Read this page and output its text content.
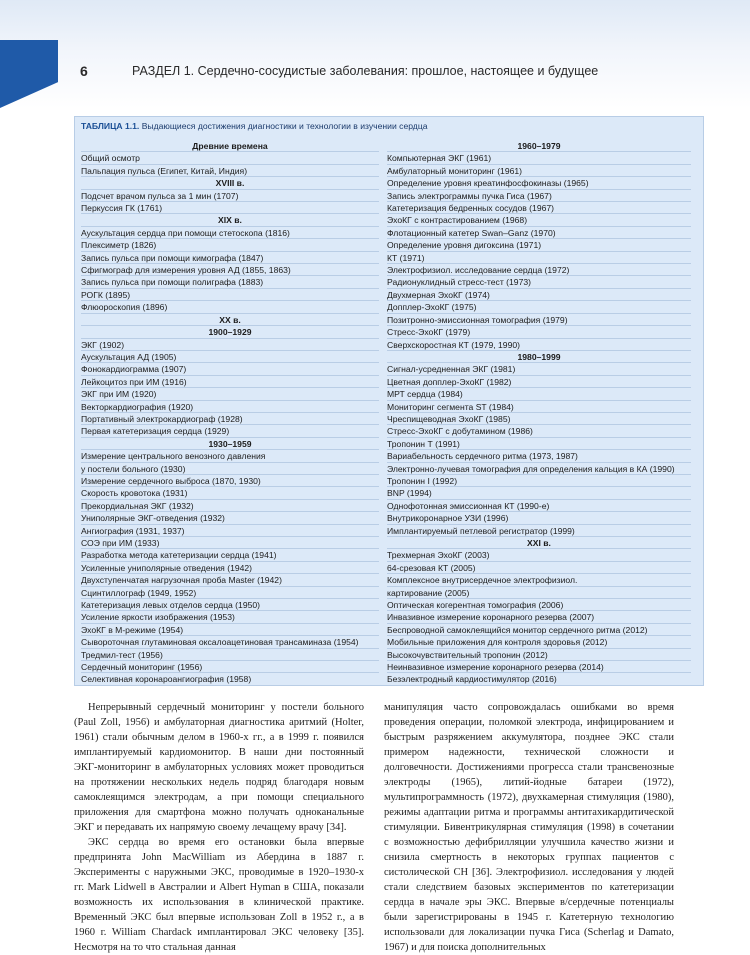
6	РАЗДЕЛ 1. Сердечно-сосудистые заболевания: прошлое, настоящее и будущее
ТАБЛИЦА 1.1. Выдающиеся достижения диагностики и технологии в изучении сердца
Древние времена
Общий осмотр
Пальпация пульса (Египет, Китай, Индия)
XVIII в.
Подсчет врачом пульса за 1 мин (1707)
Перкуссия ГК (1761)
XIX в.
Аускультация сердца при помощи стетоскопа (1816)
Плексиметр (1826)
Запись пульса при помощи кимографа (1847)
Сфигмограф для измерения уровня АД (1855, 1863)
Запись пульса при помощи полиграфа (1883)
РОГК (1895)
Флюороскопия (1896)
XX в.
1900–1929
ЭКГ (1902)
Аускультация АД (1905)
Фонокардиограмма (1907)
Лейкоцитоз при ИМ (1916)
ЭКГ при ИМ (1920)
Векторкардиография (1920)
Портативный электрокардиограф (1928)
Первая катетеризация сердца (1929)
1930–1959
Измерение центрального венозного давления
у постели больного (1930)
Измерение сердечного выброса (1870, 1930)
Скорость кровотока (1931)
Прекордиальная ЭКГ (1932)
Униполярные ЭКГ-отведения (1932)
Ангиография (1931, 1937)
СОЭ при ИМ (1933)
Разработка метода катетеризации сердца (1941)
Усиленные униполярные отведения (1942)
Двухступенчатая нагрузочная проба Master (1942)
Сцинтиллограф (1949, 1952)
Катетеризация левых отделов сердца (1950)
Усиление яркости изображения (1953)
ЭхоКГ в М-режиме (1954)
Сывороточная глутаминовая оксалоацетиновая трансаминаза (1954)
Тредмил-тест (1956)
Сердечный мониторинг (1956)
Селективная коронароангиография (1958)
1960–1979
Компьютерная ЭКГ (1961)
Амбулаторный мониторинг (1961)
Определение уровня креатинфосфокиназы (1965)
Запись электрограммы пучка Гиса (1967)
Катетеризация бедренных сосудов (1967)
ЭхоКГ с контрастированием (1968)
Флотационный катетер Swan–Ganz (1970)
Определение уровня дигоксина (1971)
КТ (1971)
Электрофизиол. исследование сердца (1972)
Радионуклидный стресс-тест (1973)
Двухмерная ЭхоКГ (1974)
Допплер-ЭхоКГ (1975)
Позитронно-эмиссионная томография (1979)
Стресс-ЭхоКГ (1979)
Сверхскоростная КТ (1979, 1990)
1980–1999
Сигнал-усредненная ЭКГ (1981)
Цветная допплер-ЭхоКГ (1982)
МРТ сердца (1984)
Мониторинг сегмента ST (1984)
Чреспищеводная ЭхоКГ (1985)
Стресс-ЭхоКГ с добутамином (1986)
Тропонин Т (1991)
Вариабельность сердечного ритма (1973, 1987)
Электронно-лучевая томография для определения кальция в КА (1990)
Тропонин I (1992)
BNP (1994)
Однофотонная эмиссионная КТ (1990-е)
Внутрикоронарное УЗИ (1996)
Имплантируемый петлевой регистратор (1999)
XXI в.
Трехмерная ЭхоКГ (2003)
64-срезовая КТ (2005)
Комплексное внутрисердечное электрофизиол.
картирование (2005)
Оптическая когерентная томография (2006)
Инвазивное измерение коронарного резерва (2007)
Беспроводной самоклеящийся монитор сердечного ритма (2012)
Мобильные приложения для контроля здоровья (2012)
Высокочувствительный тропонин (2012)
Неинвазивное измерение коронарного резерва (2014)
Безэлектродный кардиостимулятор (2016)

Непрерывный сердечный мониторинг у постели больного (Paul Zoll, 1956) и амбулаторная диагностика аритмий (Holter, 1961) стали обычным делом в 1960-х гг., а в 1999 г. появился имплантируемый кардиомонитор. В наши дни постоянный ЭКГ-мониторинг в амбулаторных условиях может проводиться на протяжении нескольких недель подряд благодаря новым самоклеящимся электродам, а при помощи специального приложения для смартфона можно получать одноканальные ЭКГ и передавать их напрямую своему лечащему врачу [34].

ЭКС сердца во время его остановки была впервые предпринята John MacWilliam из Абердина в 1887 г. Эксперименты с наружными ЭКС, проводимые в 1920–1930-х гг. Mark Lidwell в Австралии и Albert Hyman в США, показали возможность их использования в клинической практике. Временный ЭКС был впервые использован Zoll в 1952 г., а в 1960 г. William Chardack имплантировал ЭКС человеку [35]. Несмотря на то что стальная данная

манипуляция часто сопровождалась ошибками во время проведения операции, поломкой электрода, инфицированием и быстрым разряжением аккумулятора, позднее ЭКС стали примером надежности, технической сложности и долговечности. Достижениями прогресса стали трансвенозные электроды (1965), литий-йодные батареи (1972), мультипрограммность (1972), двухкамерная стимуляция (1980), режимы адаптации ритма и программы антитахикардитической стимуляции. Бивентрикулярная стимуляция (1998) в сочетании с возможностью дефибрилляции улучшила качество жизни и снизила смертность в некоторых группах пациентов с систолической СН [36]. Электрофизиол. исследования у людей стали следствием базовых экспериментов по катетеризации сердца в начале эры ЭКС. Впервые в/сердечные потенциалы были зарегистрированы в 1945 г. Катетерную технологию использовали для локализации пучка Гиса (Scherlag и Damato, 1967) и для поиска дополнительных
